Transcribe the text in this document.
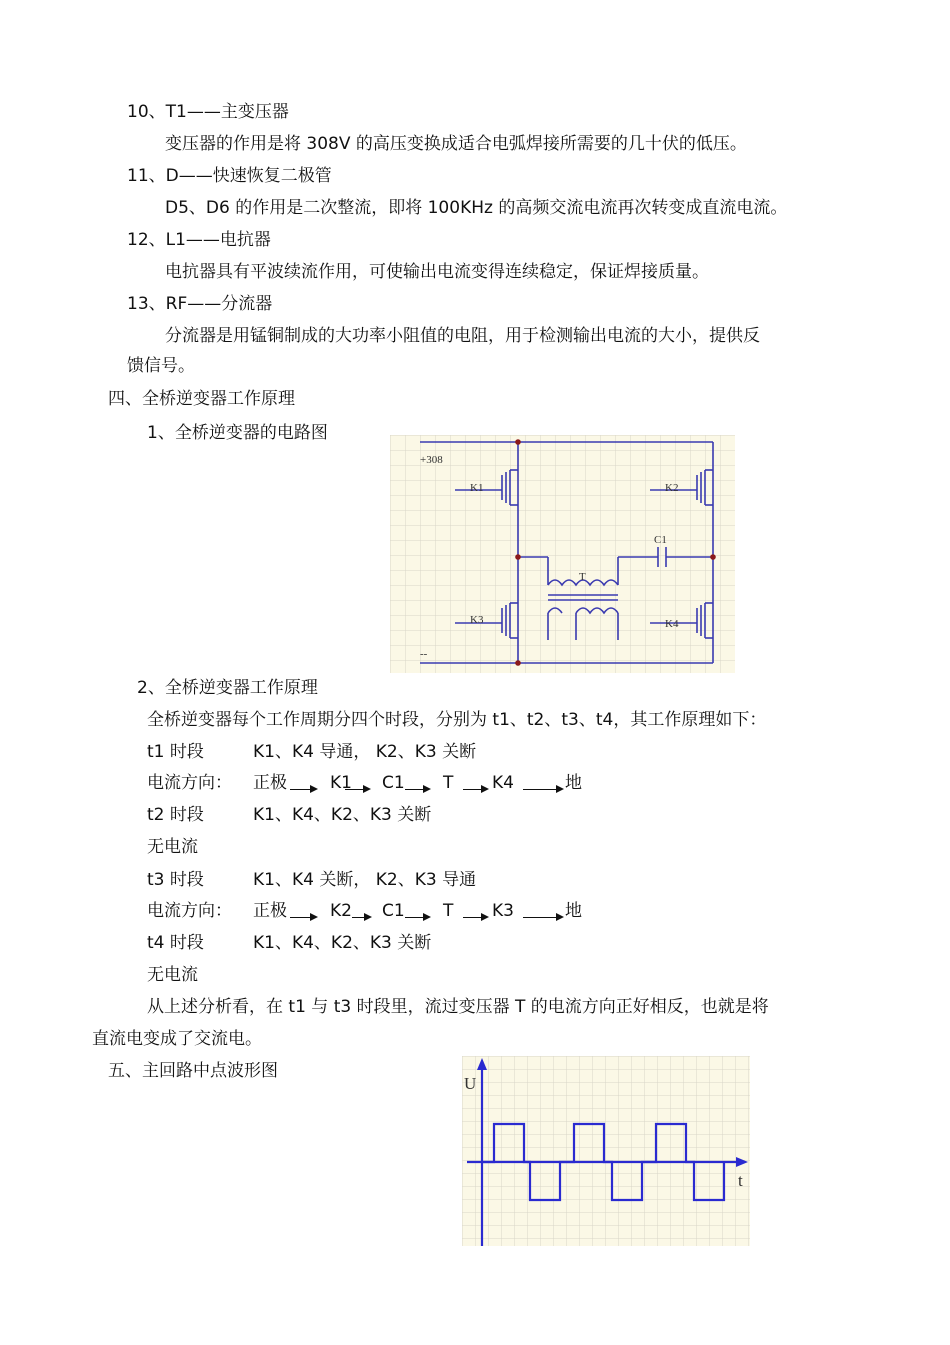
10、T1——主变压器
变压器的作用是将 308V 的高压变换成适合电弧焊接所需要的几十伏的低压。
11、D——快速恢复二极管
D5、D6 的作用是二次整流，即将 100KHz 的高频交流电流再次转变成直流电流。
12、L1——电抗器
电抗器具有平波续流作用，可使输出电流变得连续稳定，保证焊接质量。
13、RF——分流器
分流器是用锰铜制成的大功率小阻值的电阻，用于检测输出电流的大小，提供反
馈信号。
四、全桥逆变器工作原理
1、全桥逆变器的电路图
+308
--
K1	K2
K3	K4
C1
T
2、全桥逆变器工作原理
全桥逆变器每个工作周期分四个时段，分别为 t1、t2、t3、t4，其工作原理如下：
t1 时段	K1、K4 导通， K2、K3 关断
电流方向： 正极	K1 C1 T K4	地
t2 时段	K1、K4、K2、K3 关断
无电流
t3 时段	K1、K4 关断， K2、K3 导通
电流方向： 正极	K2 C1 T K3	地
t4 时段	K1、K4、K2、K3 关断
无电流
从上述分析看，在 t1 与 t3 时段里，流过变压器 T 的电流方向正好相反，也就是将
直流电变成了交流电。
五、主回路中点波形图
U
t
